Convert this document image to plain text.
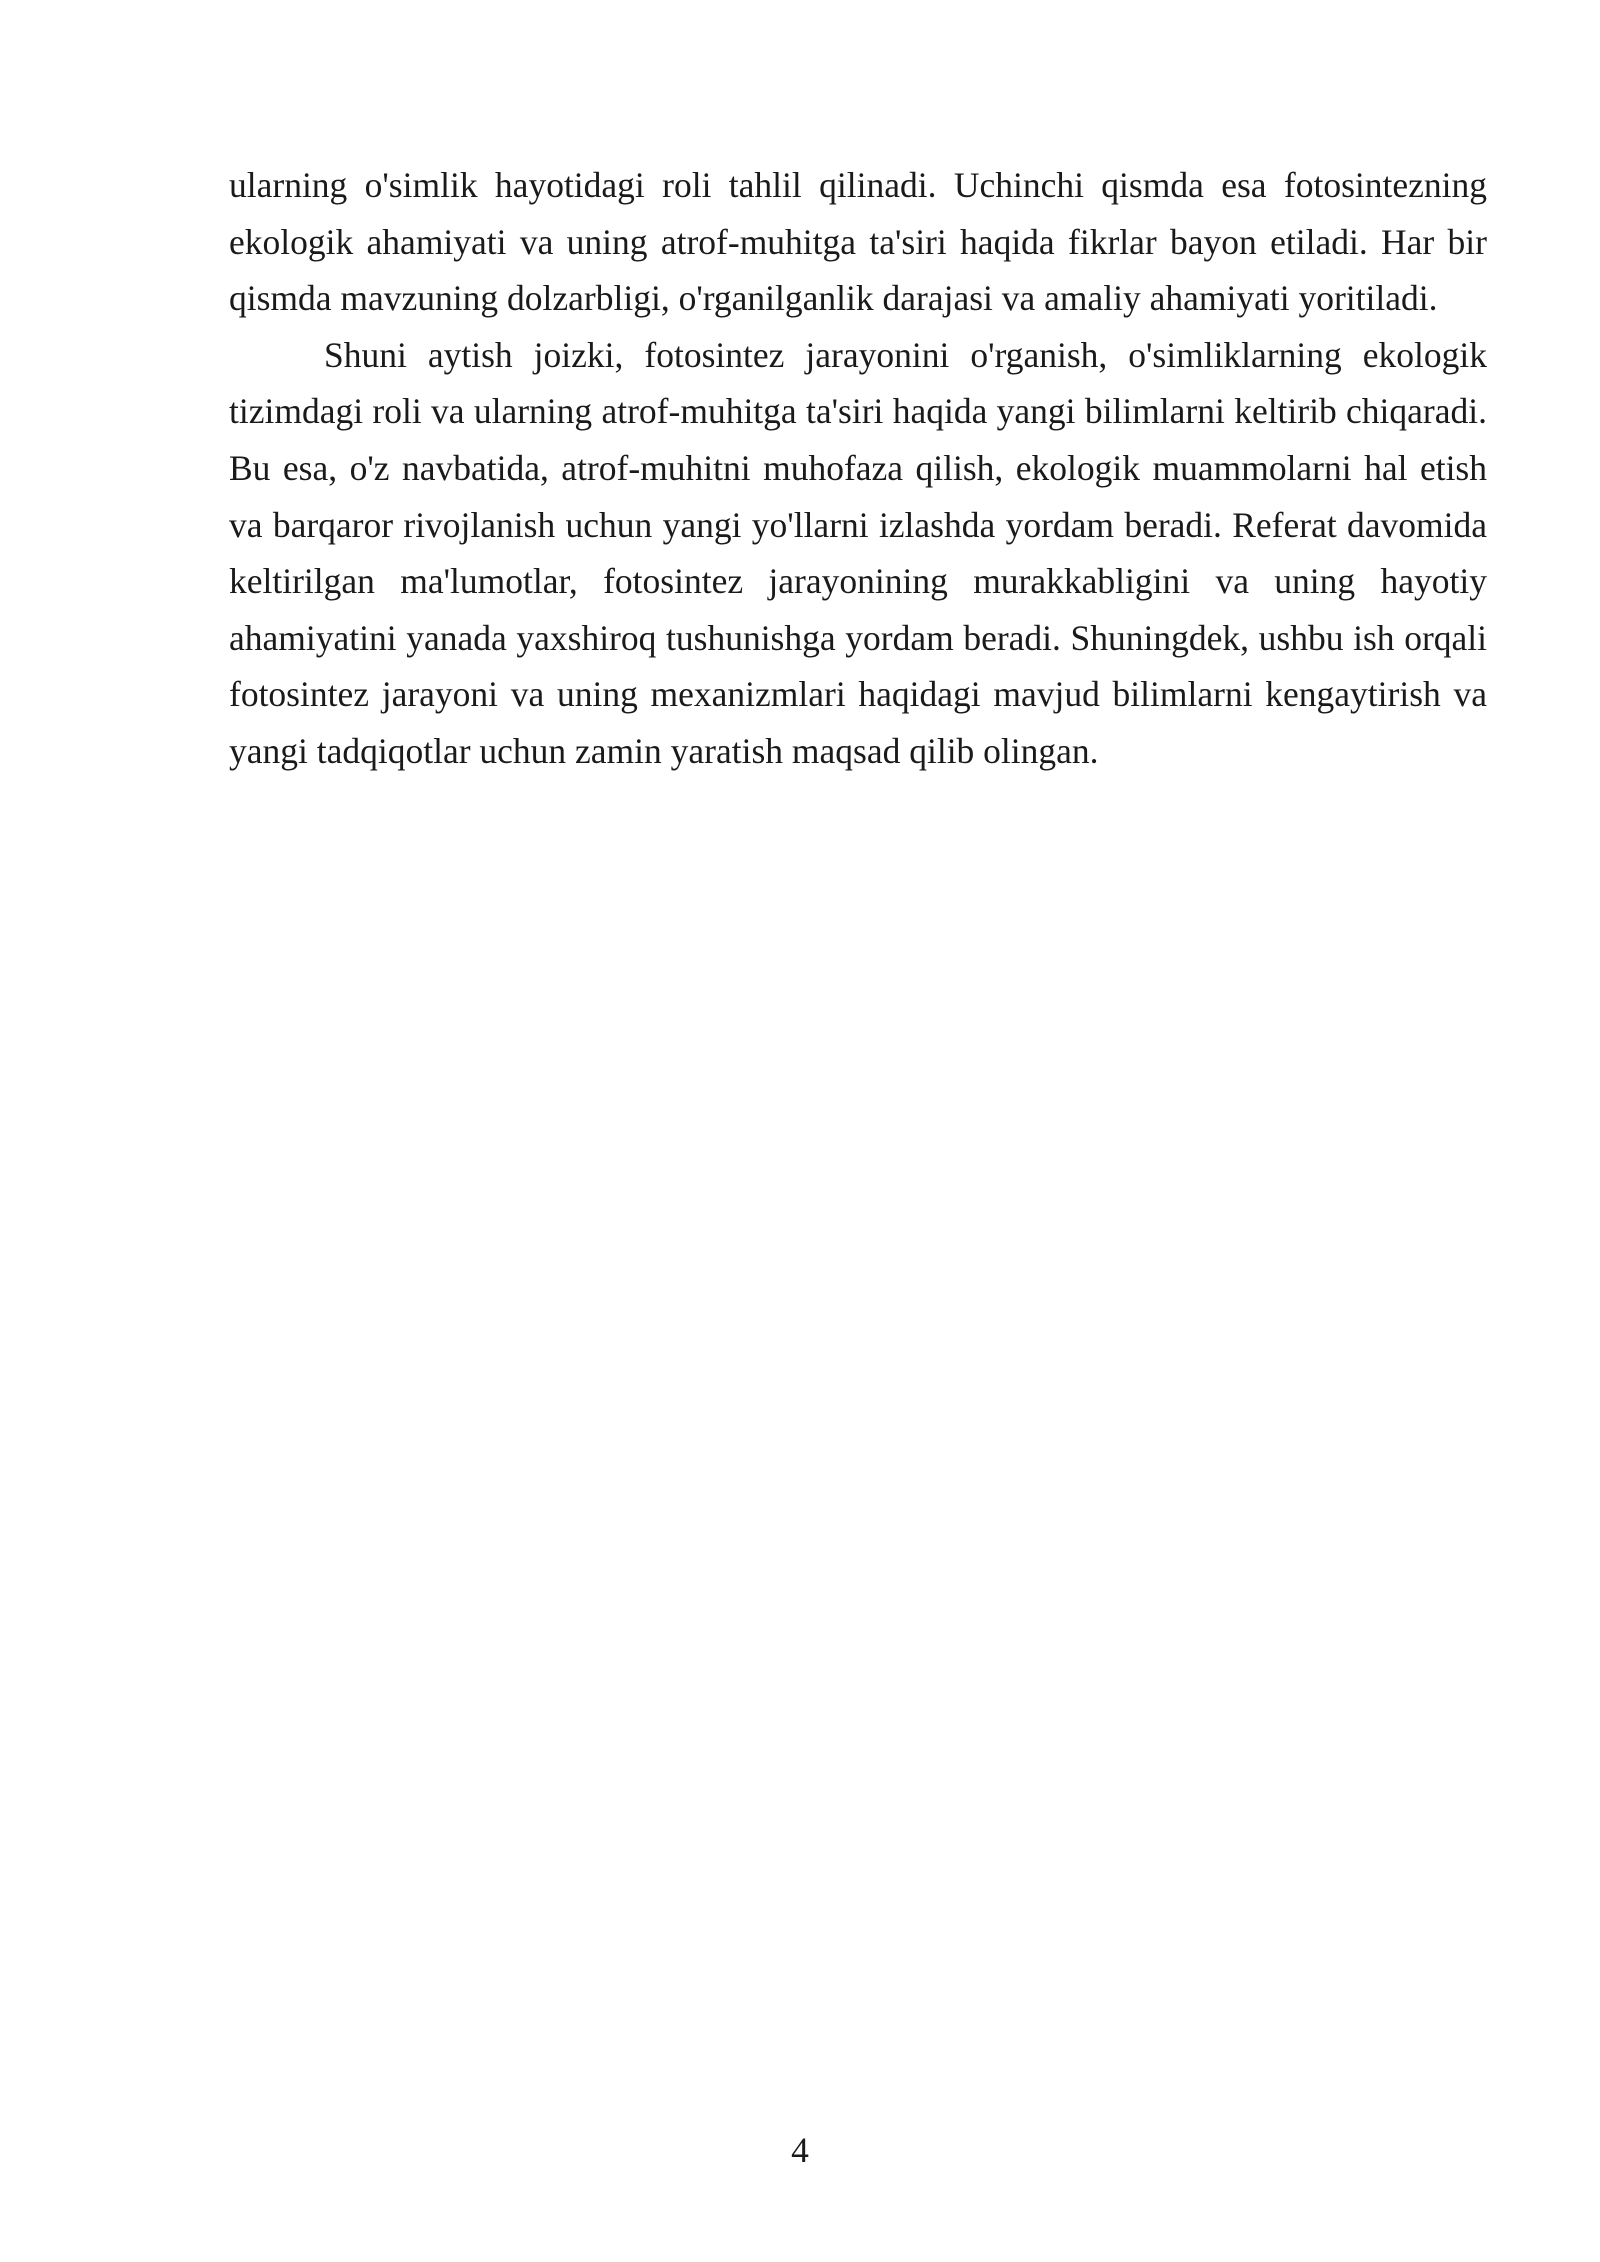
ularning o'simlik hayotidagi roli tahlil qilinadi. Uchinchi qismda esa fotosintezning ekologik ahamiyati va uning atrof-muhitga ta'siri haqida fikrlar bayon etiladi. Har bir qismda mavzuning dolzarbligi, o'rganilganlik darajasi va amaliy ahamiyati yoritiladi.

Shuni aytish joizki, fotosintez jarayonini o'rganish, o'simliklarning ekologik tizimdagi roli va ularning atrof-muhitga ta'siri haqida yangi bilimlarni keltirib chiqaradi. Bu esa, o'z navbatida, atrof-muhitni muhofaza qilish, ekologik muammolarni hal etish va barqaror rivojlanish uchun yangi yo'llarni izlashda yordam beradi. Referat davomida keltirilgan ma'lumotlar, fotosintez jarayonining murakkabligini va uning hayotiy ahamiyatini yanada yaxshiroq tushunishga yordam beradi. Shuningdek, ushbu ish orqali fotosintez jarayoni va uning mexanizmlari haqidagi mavjud bilimlarni kengaytirish va yangi tadqiqotlar uchun zamin yaratish maqsad qilib olingan.

4
